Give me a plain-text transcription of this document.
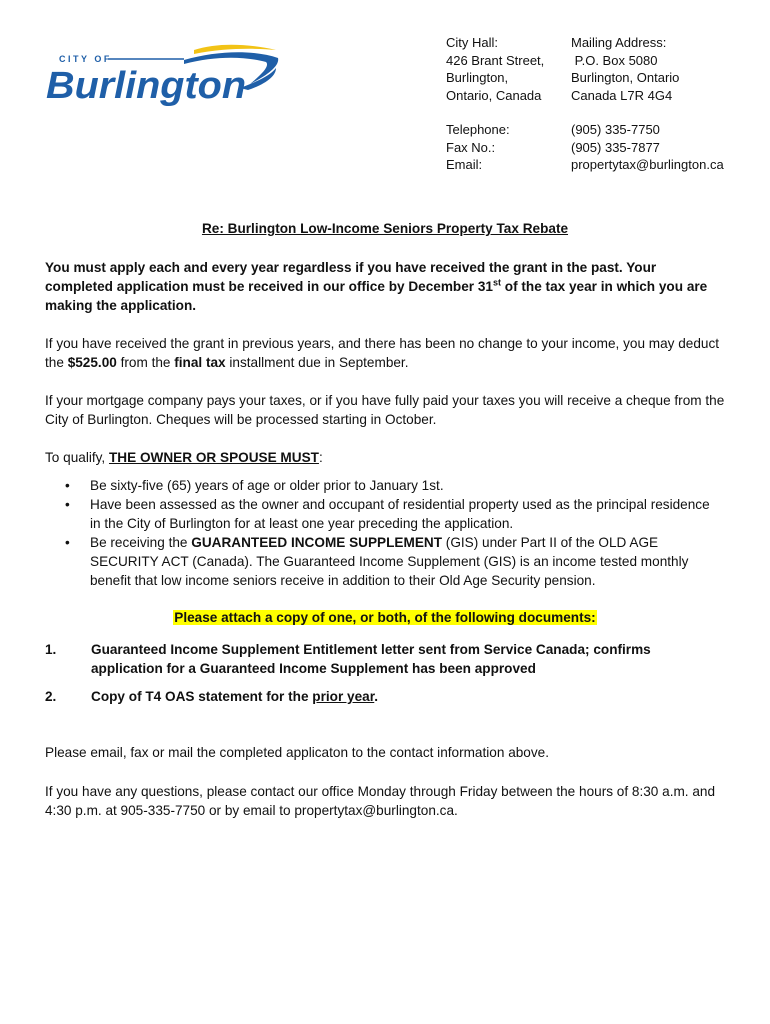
CITY OF
Burlington
City Hall:
426 Brant Street,
Burlington,
Ontario, Canada
Mailing Address:
P.O. Box 5080
Burlington, Ontario
Canada L7R 4G4
Telephone:
Fax No.:
Email:
(905) 335-7750
(905) 335-7877
propertytax@burlington.ca
Re: Burlington Low-Income Seniors Property Tax Rebate
You must apply each and every year regardless if you have received the grant in the past. Your completed application must be received in our office by December 31st of the tax year in which you are making the application.
If you have received the grant in previous years, and there has been no change to your income, you may deduct the $525.00 from the final tax installment due in September.
If your mortgage company pays your taxes, or if you have fully paid your taxes you will receive a cheque from the City of Burlington. Cheques will be processed starting in October.
To qualify, THE OWNER OR SPOUSE MUST:
• Be sixty-five (65) years of age or older prior to January 1st.
• Have been assessed as the owner and occupant of residential property used as the principal residence in the City of Burlington for at least one year preceding the application.
• Be receiving the GUARANTEED INCOME SUPPLEMENT (GIS) under Part II of the OLD AGE SECURITY ACT (Canada). The Guaranteed Income Supplement (GIS) is an income tested monthly benefit that low income seniors receive in addition to their Old Age Security pension.
Please attach a copy of one, or both, of the following documents:
1.	Guaranteed Income Supplement Entitlement letter sent from Service Canada; confirms application for a Guaranteed Income Supplement has been approved
2.	Copy of T4 OAS statement for the prior year.
Please email, fax or mail the completed applicaton to the contact information above.
If you have any questions, please contact our office Monday through Friday between the hours of 8:30 a.m. and 4:30 p.m. at 905-335-7750 or by email to propertytax@burlington.ca.
